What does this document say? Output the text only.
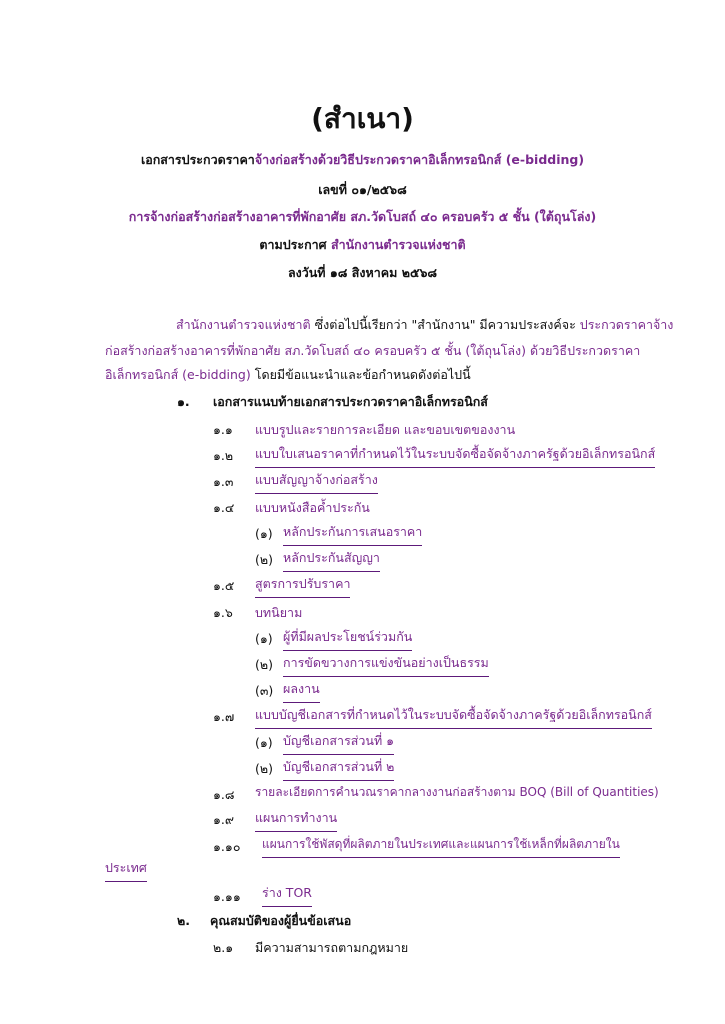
(สำเนา)
เอกสารประกวดราคาจ้างก่อสร้างด้วยวิธีประกวดราคาอิเล็กทรอนิกส์ (e-bidding)
เลขที่ ๐๑/๒๕๖๘
การจ้างก่อสร้างก่อสร้างอาคารที่พักอาศัย สภ.วัดโบสถ์ ๔๐ ครอบครัว ๕ ชั้น (ใต้ถุนโล่ง)
ตามประกาศ สำนักงานตำรวจแห่งชาติ
ลงวันที่ ๑๘ สิงหาคม ๒๕๖๘
สำนักงานตำรวจแห่งชาติ ซึ่งต่อไปนี้เรียกว่า "สำนักงาน" มีความประสงค์จะ ประกวดราคาจ้าง
ก่อสร้างก่อสร้างอาคารที่พักอาศัย สภ.วัดโบสถ์ ๔๐ ครอบครัว ๕ ชั้น (ใต้ถุนโล่ง) ด้วยวิธีประกวดราคา
อิเล็กทรอนิกส์ (e-bidding) โดยมีข้อแนะนำและข้อกำหนดดังต่อไปนี้
๑. เอกสารแนบท้ายเอกสารประกวดราคาอิเล็กทรอนิกส์
๑.๑ แบบรูปและรายการละเอียด และขอบเขตของงาน
๑.๒ แบบใบเสนอราคาที่กำหนดไว้ในระบบจัดซื้อจัดจ้างภาครัฐด้วยอิเล็กทรอนิกส์
๑.๓ แบบสัญญาจ้างก่อสร้าง
๑.๔ แบบหนังสือค้ำประกัน
(๑) หลักประกันการเสนอราคา
(๒) หลักประกันสัญญา
๑.๕ สูตรการปรับราคา
๑.๖ บทนิยาม
(๑) ผู้ที่มีผลประโยชน์ร่วมกัน
(๒) การขัดขวางการแข่งขันอย่างเป็นธรรม
(๓) ผลงาน
๑.๗ แบบบัญชีเอกสารที่กำหนดไว้ในระบบจัดซื้อจัดจ้างภาครัฐด้วยอิเล็กทรอนิกส์
(๑) บัญชีเอกสารส่วนที่ ๑
(๒) บัญชีเอกสารส่วนที่ ๒
๑.๘ รายละเอียดการคำนวณราคากลางงานก่อสร้างตาม BOQ (Bill of Quantities)
๑.๙ แผนการทำงาน
๑.๑๐ แผนการใช้พัสดุที่ผลิตภายในประเทศและแผนการใช้เหล็กที่ผลิตภายใน
ประเทศ
๑.๑๑ ร่าง TOR
๒. คุณสมบัติของผู้ยื่นข้อเสนอ
๒.๑ มีความสามารถตามกฎหมาย
